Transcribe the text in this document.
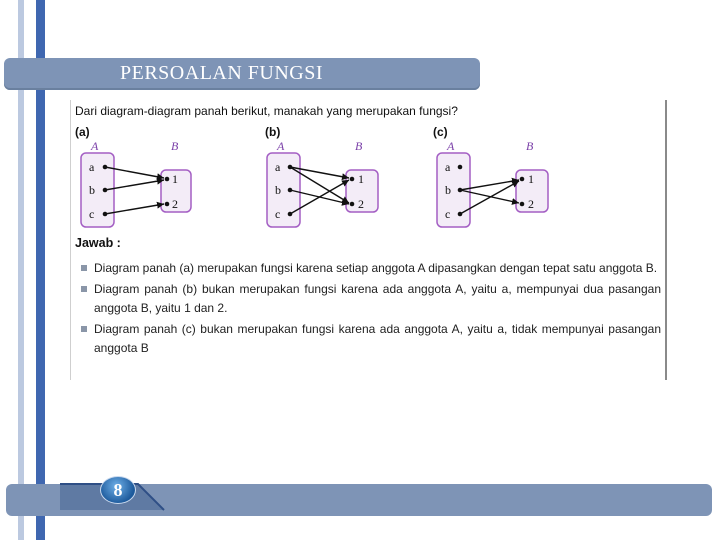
PERSOALAN FUNGSI
Dari diagram-diagram panah berikut, manakah yang merupakan fungsi?
(a)
A	B
a
b
c
1
2
(b)
A	B
a
b
c
1
2
(c)
A	B
a
b
c
1
2
Jawab :
Diagram panah (a) merupakan fungsi karena setiap anggota A dipasangkan dengan tepat satu anggota B.
Diagram panah (b) bukan merupakan fungsi karena ada anggota A, yaitu a, mempunyai dua pasangan anggota B, yaitu 1 dan 2.
Diagram panah (c) bukan merupakan fungsi karena ada anggota A, yaitu a, tidak mempunyai pasangan anggota B
8
